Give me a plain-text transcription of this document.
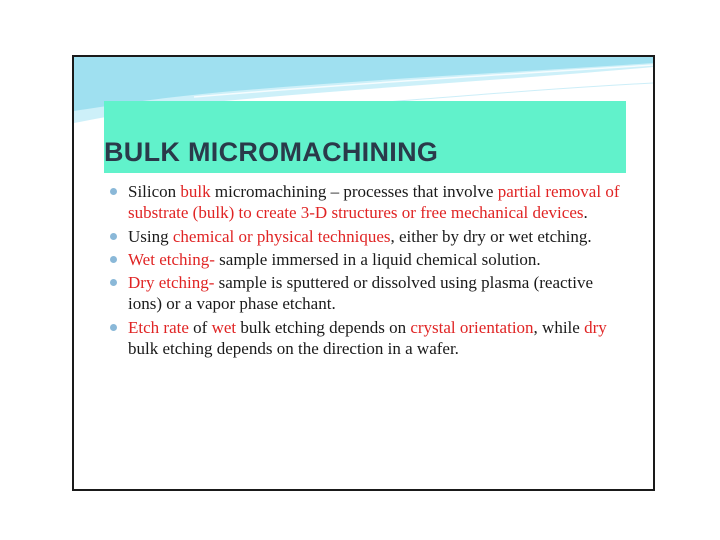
BULK MICROMACHINING
Silicon bulk micromachining – processes that involve partial removal of substrate (bulk) to create 3-D structures or free mechanical devices.
Using chemical or physical techniques, either by dry or wet etching.
Wet etching- sample immersed in a liquid chemical solution.
Dry etching- sample is sputtered or dissolved using plasma (reactive ions) or a vapor phase etchant.
Etch rate of wet bulk etching depends on crystal orientation, while dry bulk etching depends on the direction in a wafer.
